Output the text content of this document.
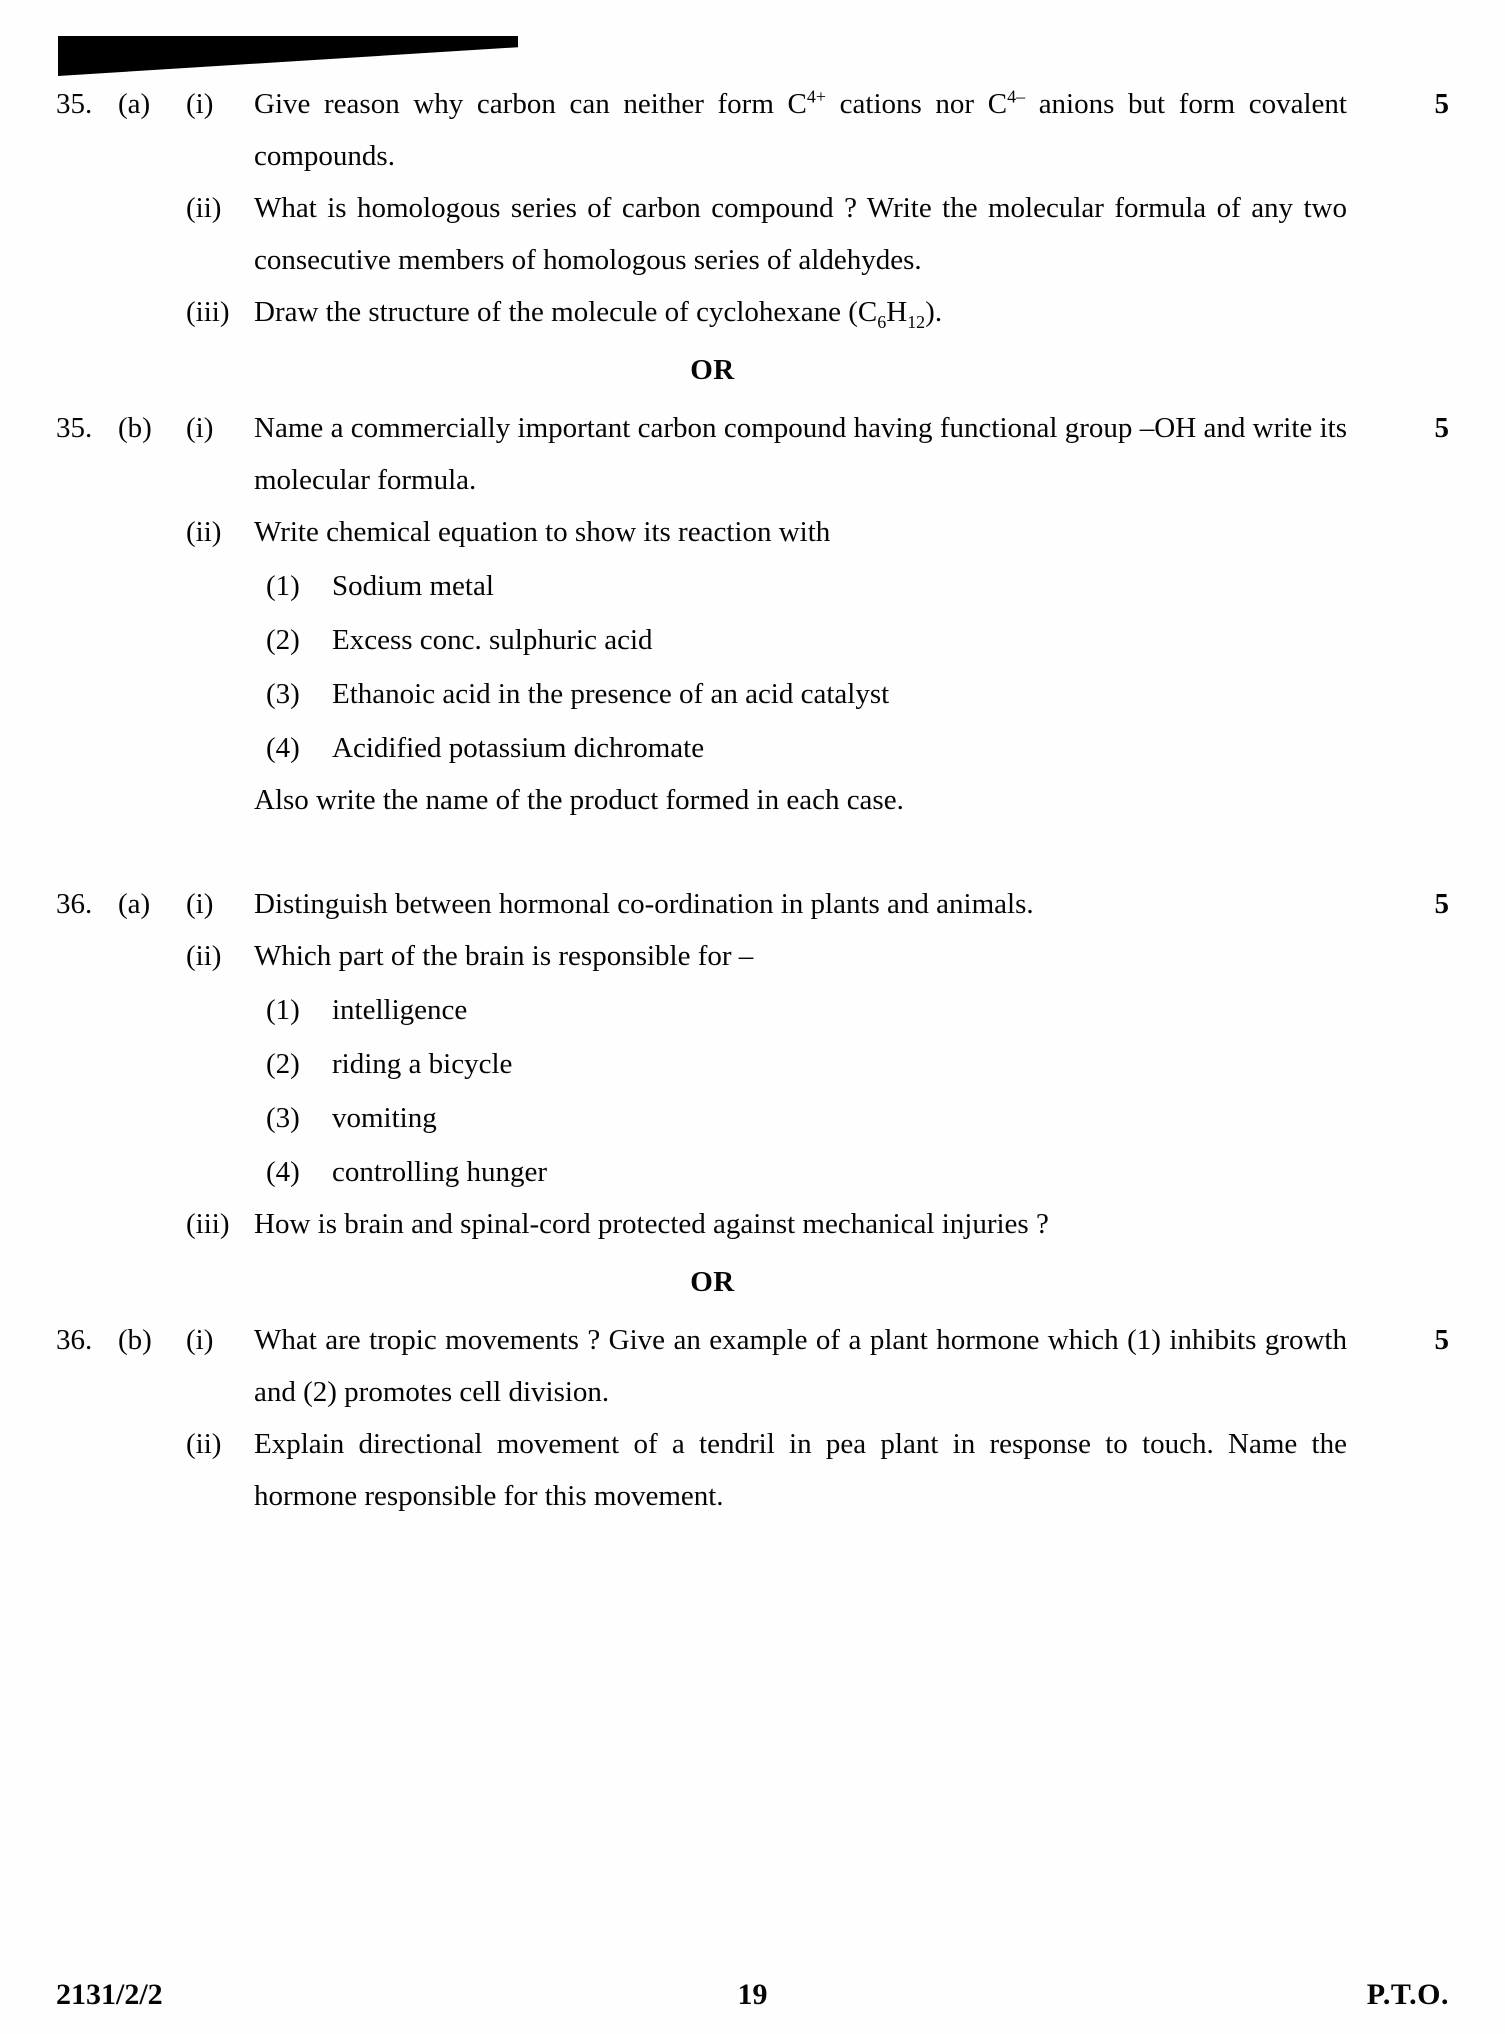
35. (a)	(i)	Give reason why carbon can neither form $C^{4+}$ cations nor $C^{4-}$ anions but form covalent compounds.
5
(ii)	What is homologous series of carbon compound ? Write the molecular formula of any two consecutive members of homologous series of aldehydes.
(iii) Draw the structure of the molecule of cyclohexane $(C_6H_{12})$.
OR
35. (b)	(i)	Name a commercially important carbon compound having functional group –OH and write its molecular formula.
5
(ii)	Write chemical equation to show its reaction with
(1)	Sodium metal
(2)	Excess conc. sulphuric acid
(3)	Ethanoic acid in the presence of an acid catalyst
(4)	Acidified potassium dichromate
Also write the name of the product formed in each case.
36. (a)	(i)	Distinguish between hormonal co-ordination in plants and animals.	5
(ii)	Which part of the brain is responsible for –
(1)	intelligence
(2)	riding a bicycle
(3)	vomiting
(4)	controlling hunger
(iii) How is brain and spinal-cord protected against mechanical injuries ?
OR
36. (b)	(i)	What are tropic movements ? Give an example of a plant hormone which (1) inhibits growth and (2) promotes cell division.
5
(ii)	Explain directional movement of a tendril in pea plant in response to touch. Name the hormone responsible for this movement.
2131/2/2	19	P.T.O.
